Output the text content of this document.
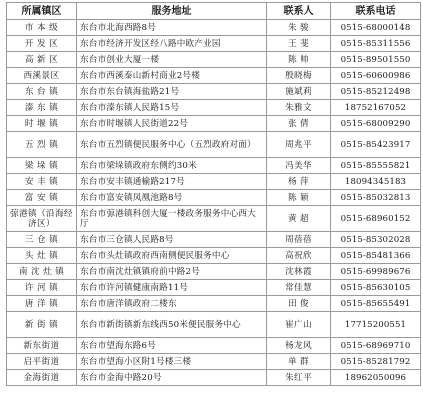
所属镇区	服务地址	联系人	联系电话
市 本 级	东台市北海西路8号	朱 骏	0515-68000148
开 发 区	东台市经济开发区经八路中欧产业园	王 斐	0515-85311556
高 新 区	东台市创业大厦一楼	陈 帅	0515-89501550
西溪景区	东台市西溪泰山新村商业2号楼	殷晓梅	0515-60600986
东 台 镇	东台市东台镇海盐路21号	施斌莉	0515-85212498
溱 东 镇	东台市溱东镇人民路15号	朱雅文	18752167052
时 堰 镇	东台市时堰镇人民街道22号	张 倩	0515-68009290
五 烈 镇	东台市五烈镇便民服务中心（五烈政府对面）	周兆平	0515-85423917
梁 垛 镇	东台市梁垛镇政府东侧约30米	冯美华	0515-85555821
安 丰 镇	东台市安丰镇通榆路217号	杨 萍	18094345183
富 安 镇	东台市富安镇凤凰池路8号	陈 颖	0515-85032813
弶港镇（沿海经济区）	东台市弶港镇科创大厦一楼政务服务中心西大厅	黄 超	0515-68960152
三 仓 镇	东台市三仓镇人民路8号	周蓓蓓	0515-85302028
头 灶 镇	东台市头灶镇政府西南侧便民服务中心	高祝欣	0515-85481366
南 沈 灶 镇	东台市南沈灶镇镇府前中路2号	沈林霞	0515-69989676
许 河 镇	东台市许河镇健康南路11号	常佳慧	0515-85630105
唐 洋 镇	东台市唐洋镇政府二楼东	田 俊	0515-85655491
新 街 镇	东台市新街镇新东线西50米便民服务中心	崔广山	17715200551
新东街道	东台市望海东路6号	杨龙风	0515-68969710
启平街道	东台市望海小区附1号楼三楼	单 群	0515-85281792
金海街道	东台市金海中路20号	朱红平	18962050096
